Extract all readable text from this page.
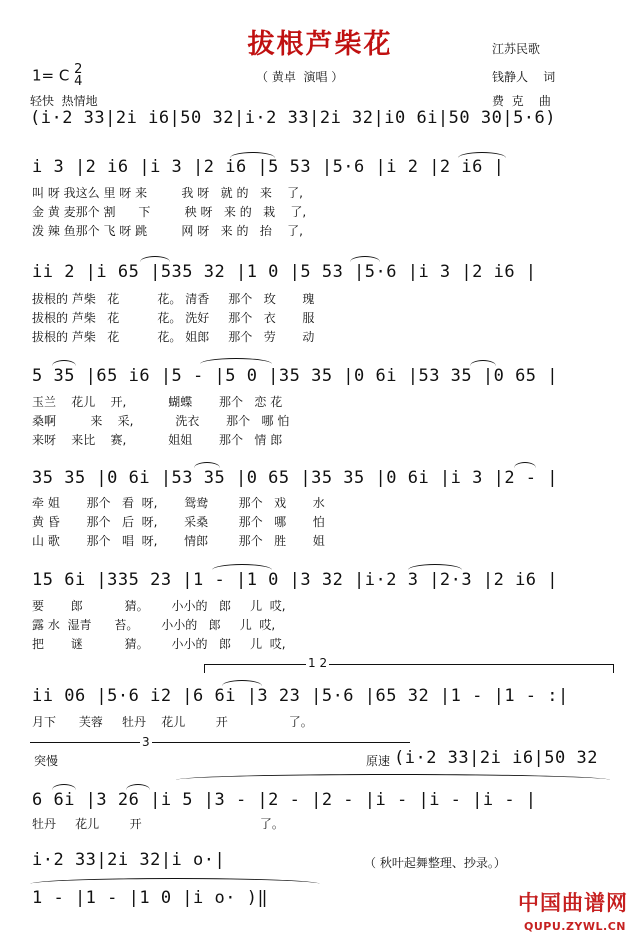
拔根芦柴花	江苏民歌
1= C 2
4	（ 黄卓  演唱 ）	钱静人    词
轻快  热情地	费  克    曲
(i·2 33|2i i6|50 32|i·2 33|2i 32|i0 6i|50 30|5·6)
i 3 |2 i6 |i 3 |2 i6 |5 53 |5·6 |i 2 |2 i6 |
叫 呀 我这么 里 呀 来         我 呀   就 的   来    了,
金 黄 麦那个 割      下         秧 呀   来 的   栽    了,
泼 辣 鱼那个 飞 呀 跳         网 呀   来 的   抬    了,
ii 2 |i 65 |535 32 |1 0 |5 53 |5·6 |i 3 |2 i6 |
拔根的 芦柴   花          花。 清香     那个   玫       瑰
拔根的 芦柴   花          花。 洗好     那个   衣       服
拔根的 芦柴   花          花。 姐郎     那个   劳       动
5 35 |65 i6 |5 - |5 0 |35 35 |0 6i |53 35 |0 65 |
玉兰    花儿    开,           蝴蝶       那个   恋 花
桑啊         来    采,           洗衣       那个   哪 怕
来呀    来比    赛,           姐姐       那个   情 郎
35 35 |0 6i |53 35 |0 65 |35 35 |0 6i |i 3 |2 - |
牵 姐       那个   看  呀,       鸳鸯        那个   戏       水
黄 昏       那个   后  呀,       采桑        那个   哪       怕
山 歌       那个   唱  呀,       情郎        那个   胜       姐
15 6i |335 23 |1 - |1 0 |3 32 |i·2 3 |2·3 |2 i6 |
要       郎           猜。      小小的   郎     儿  哎,
露 水  湿青      苔。      小小的   郎     儿  哎,
把       谜           猜。      小小的   郎     儿  哎,
1 2
ii 06 |5·6 i2 |6 6i |3 23 |5·6 |65 32 |1 - |1 - :|
月下      芙蓉     牡丹    花儿        开                了。
3
突慢	原速 (i·2 33|2i i6|50 32
6 6i |3 26 |i 5 |3 - |2 - |2 - |i - |i - |i - |
牡丹     花儿        开                               了。
i·2 33|2i 32|i o·|	（ 秋叶起舞整理、抄录。）
1 - |1 - |1 0 |i o· )‖	中国曲谱网
QUPU.ZYWL.CN
